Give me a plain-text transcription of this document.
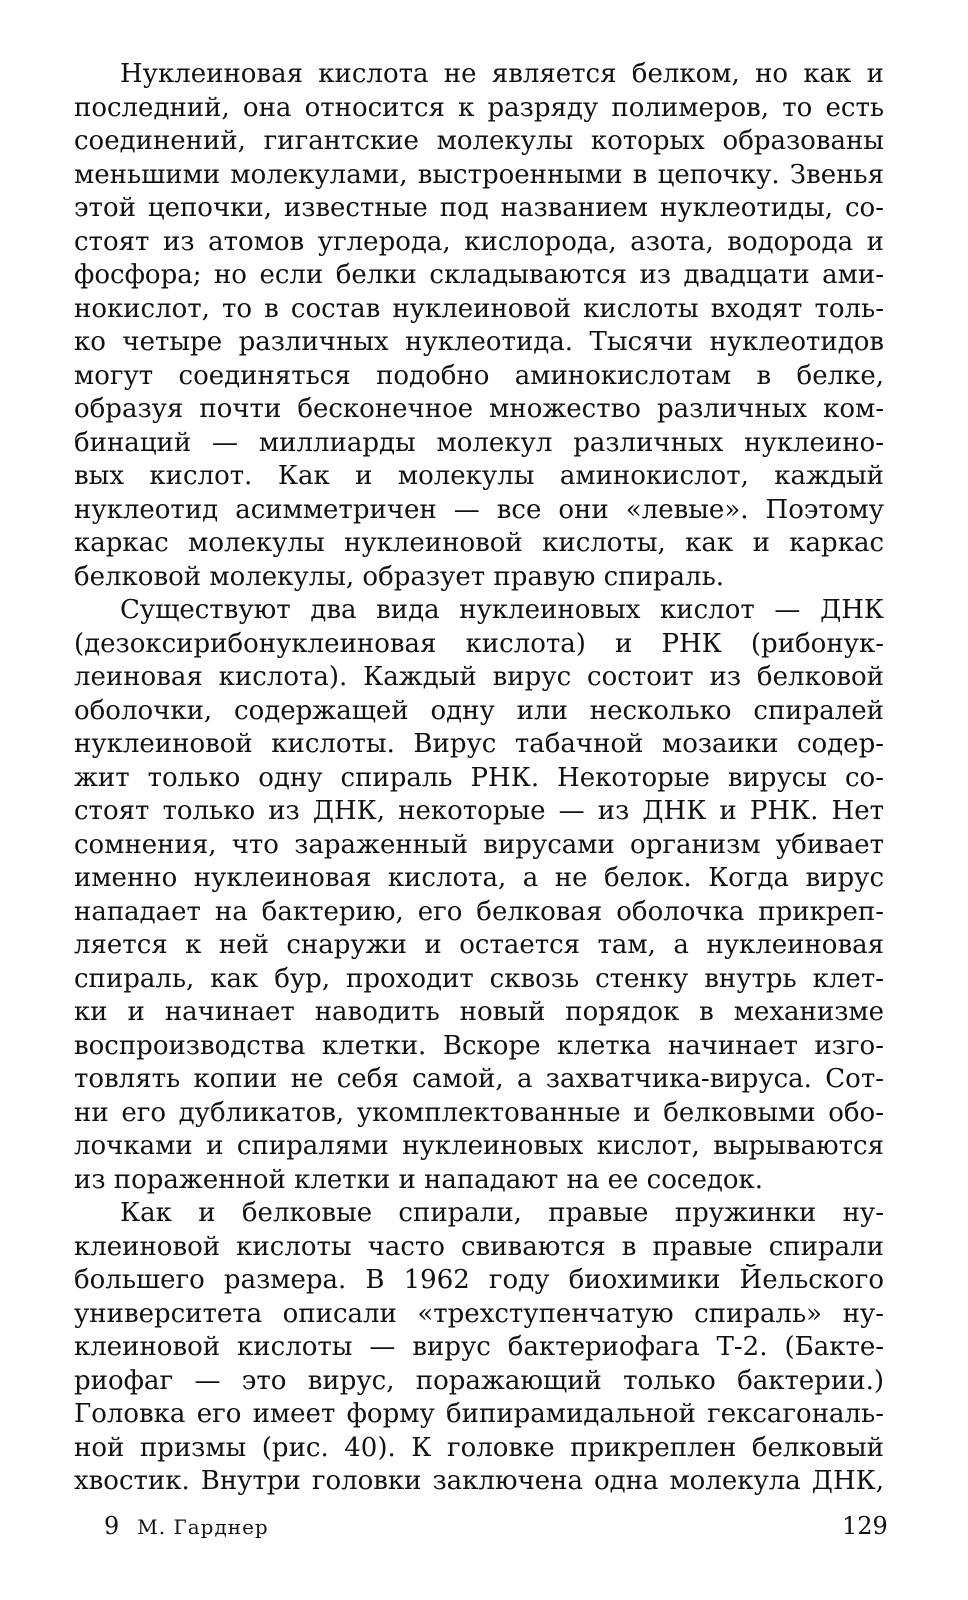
Нуклеиновая кислота не является белком, но как и
последний, она относится к разряду полимеров, то есть
соединений, гигантские молекулы которых образованы
меньшими молекулами, выстроенными в цепочку. Звенья
этой цепочки, известные под названием нуклеотиды, со-
стоят из атомов углерода, кислорода, азота, водорода и
фосфора; но если белки складываются из двадцати ами-
нокислот, то в состав нуклеиновой кислоты входят толь-
ко четыре различных нуклеотида. Тысячи нуклеотидов
могут соединяться подобно аминокислотам в белке,
образуя почти бесконечное множество различных ком-
бинаций — миллиарды молекул различных нуклеино-
вых кислот. Как и молекулы аминокислот, каждый
нуклеотид асимметричен — все они «левые». Поэтому
каркас молекулы нуклеиновой кислоты, как и каркас
белковой молекулы, образует правую спираль.
Существуют два вида нуклеиновых кислот — ДНК
(дезоксирибонуклеиновая кислота) и РНК (рибонук-
леиновая кислота). Каждый вирус состоит из белковой
оболочки, содержащей одну или несколько спиралей
нуклеиновой кислоты. Вирус табачной мозаики содер-
жит только одну спираль РНК. Некоторые вирусы со-
стоят только из ДНК, некоторые — из ДНК и РНК. Нет
сомнения, что зараженный вирусами организм убивает
именно нуклеиновая кислота, а не белок. Когда вирус
нападает на бактерию, его белковая оболочка прикреп-
ляется к ней снаружи и остается там, а нуклеиновая
спираль, как бур, проходит сквозь стенку внутрь клет-
ки и начинает наводить новый порядок в механизме
воспроизводства клетки. Вскоре клетка начинает изго-
товлять копии не себя самой, а захватчика-вируса. Сот-
ни его дубликатов, укомплектованные и белковыми обо-
лочками и спиралями нуклеиновых кислот, вырываются
из пораженной клетки и нападают на ее соседок.
Как и белковые спирали, правые пружинки ну-
клеиновой кислоты часто свиваются в правые спирали
большего размера. В 1962 году биохимики Йельского
университета описали «трехступенчатую спираль» ну-
клеиновой кислоты — вирус бактериофага Т-2. (Бакте-
риофаг — это вирус, поражающий только бактерии.)
Головка его имеет форму бипирамидальной гексагональ-
ной призмы (рис. 40). К головке прикреплен белковый
хвостик. Внутри головки заключена одна молекула ДНК,
9 М. Гарднер	129
